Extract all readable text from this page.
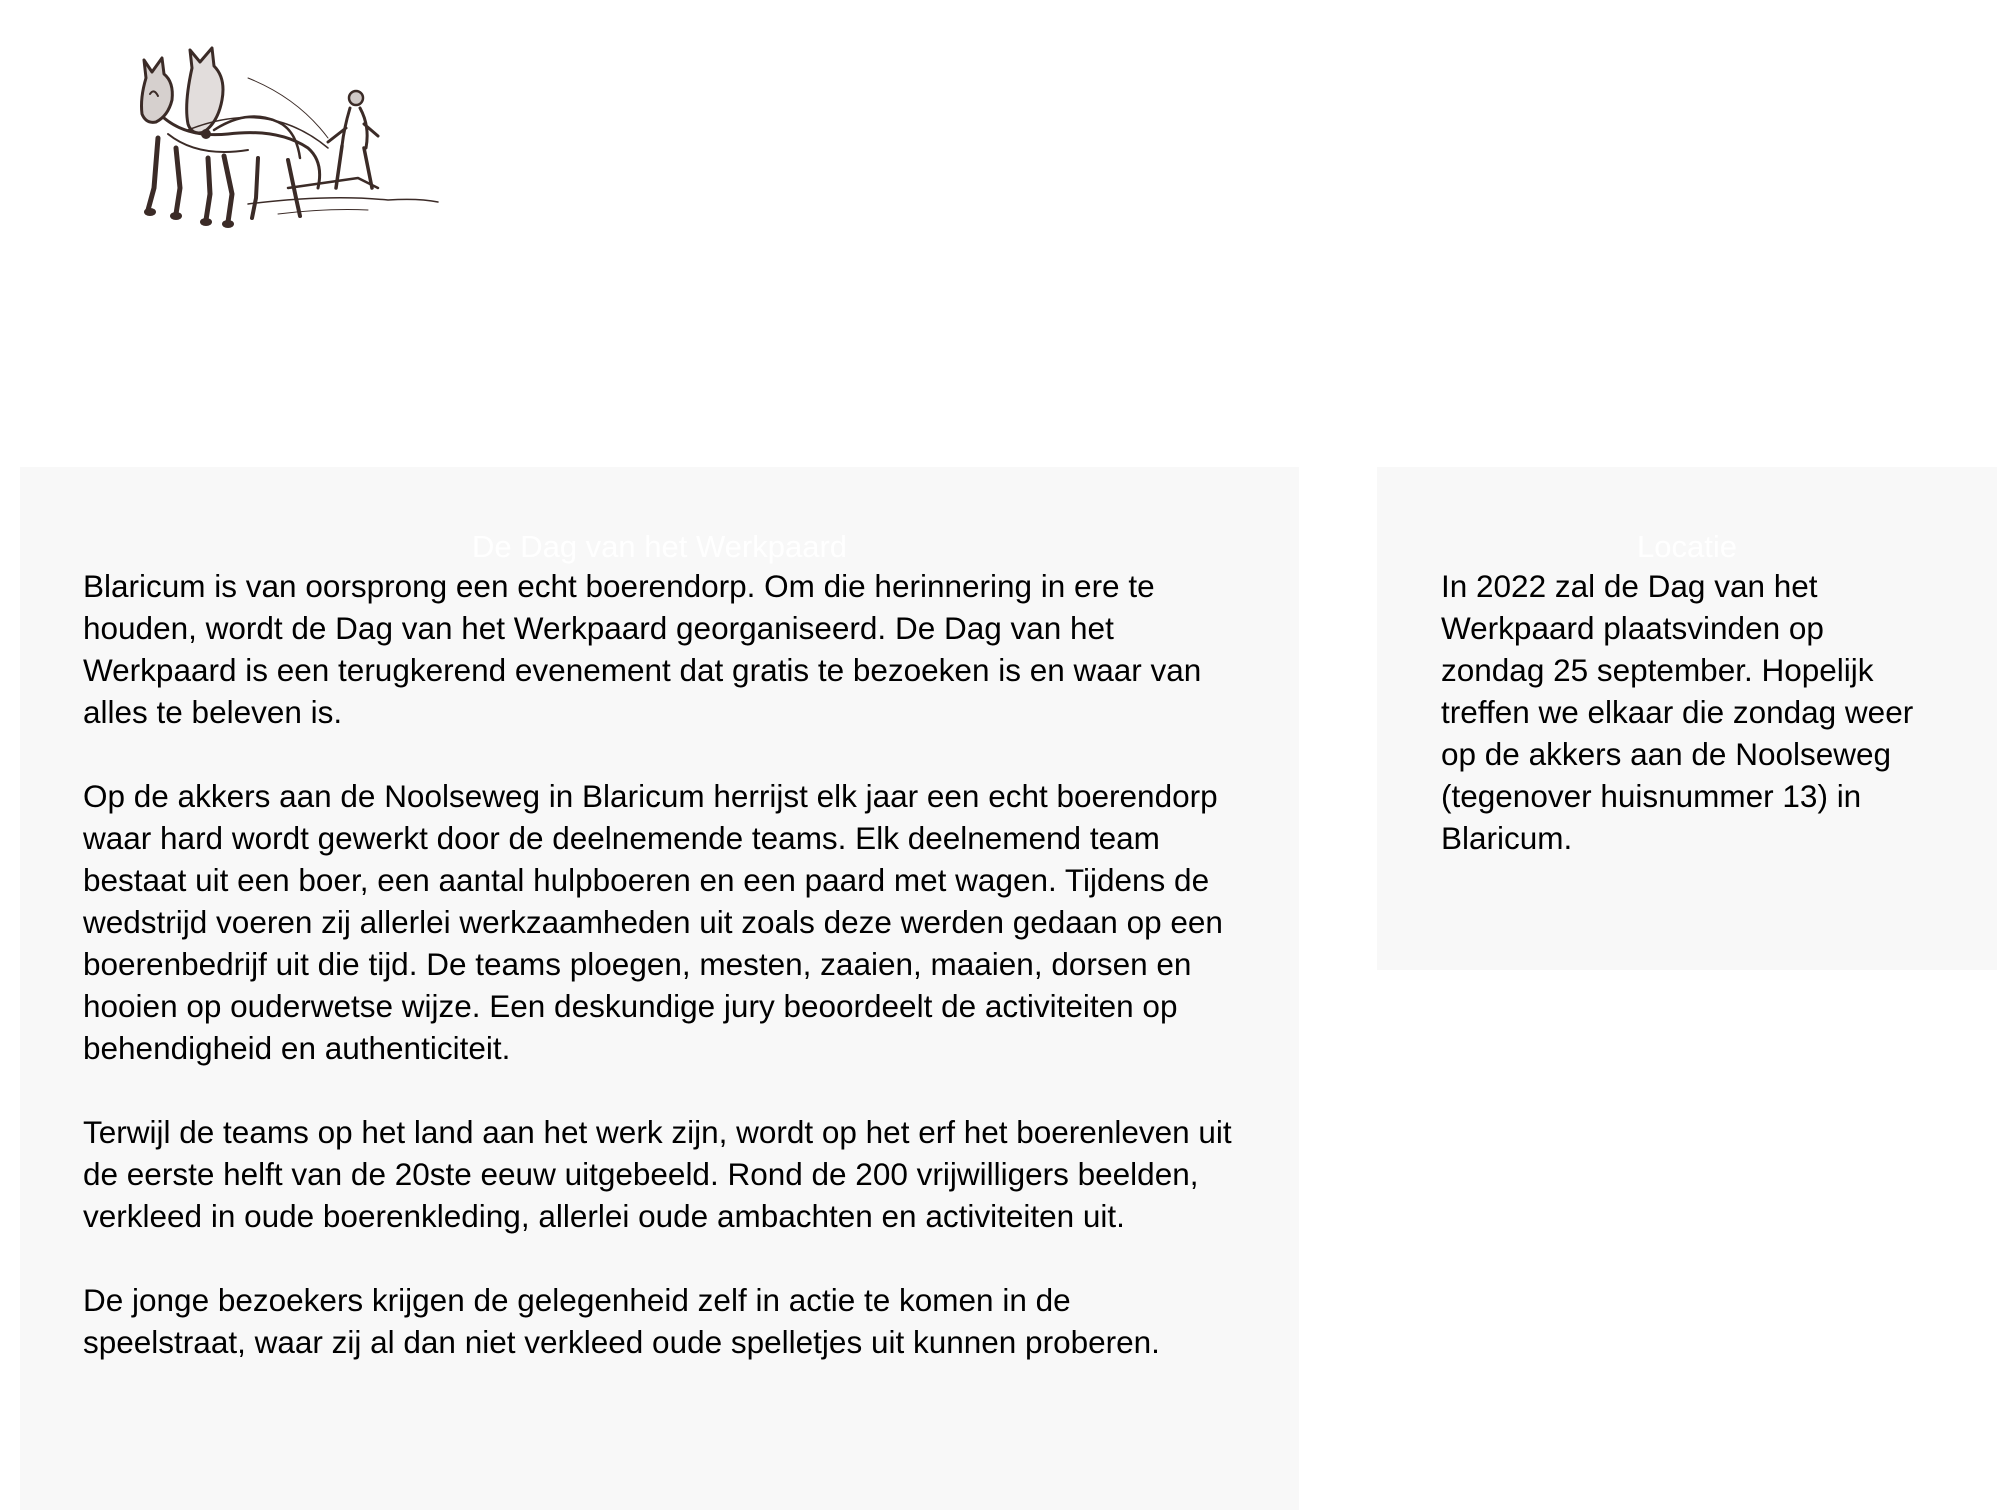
De Dag van het Werkpaard

Blaricum is van oorsprong een echt boerendorp. Om die herinnering in ere te houden, wordt de Dag van het Werkpaard georganiseerd. De Dag van het Werkpaard is een terugkerend evenement dat gratis te bezoeken is en waar van alles te beleven is.

Op de akkers aan de Noolseweg in Blaricum herrijst elk jaar een echt boerendorp waar hard wordt gewerkt door de deelnemende teams. Elk deelnemend team bestaat uit een boer, een aantal hulpboeren en een paard met wagen. Tijdens de wedstrijd voeren zij allerlei werkzaamheden uit zoals deze werden gedaan op een boerenbedrijf uit die tijd. De teams ploegen, mesten, zaaien, maaien, dorsen en hooien op ouderwetse wijze. Een deskundige jury beoordeelt de activiteiten op behendigheid en authenticiteit.

Terwijl de teams op het land aan het werk zijn, wordt op het erf het boerenleven uit de eerste helft van de 20ste eeuw uitgebeeld. Rond de 200 vrijwilligers beelden, verkleed in oude boerenkleding, allerlei oude ambachten en activiteiten uit.

De jonge bezoekers krijgen de gelegenheid zelf in actie te komen in de speelstraat, waar zij al dan niet verkleed oude spelletjes uit kunnen proberen.

Locatie

In 2022 zal de Dag van het Werkpaard plaatsvinden op zondag 25 september. Hopelijk treffen we elkaar die zondag weer op de akkers aan de Noolseweg (tegenover huisnummer 13) in Blaricum.
